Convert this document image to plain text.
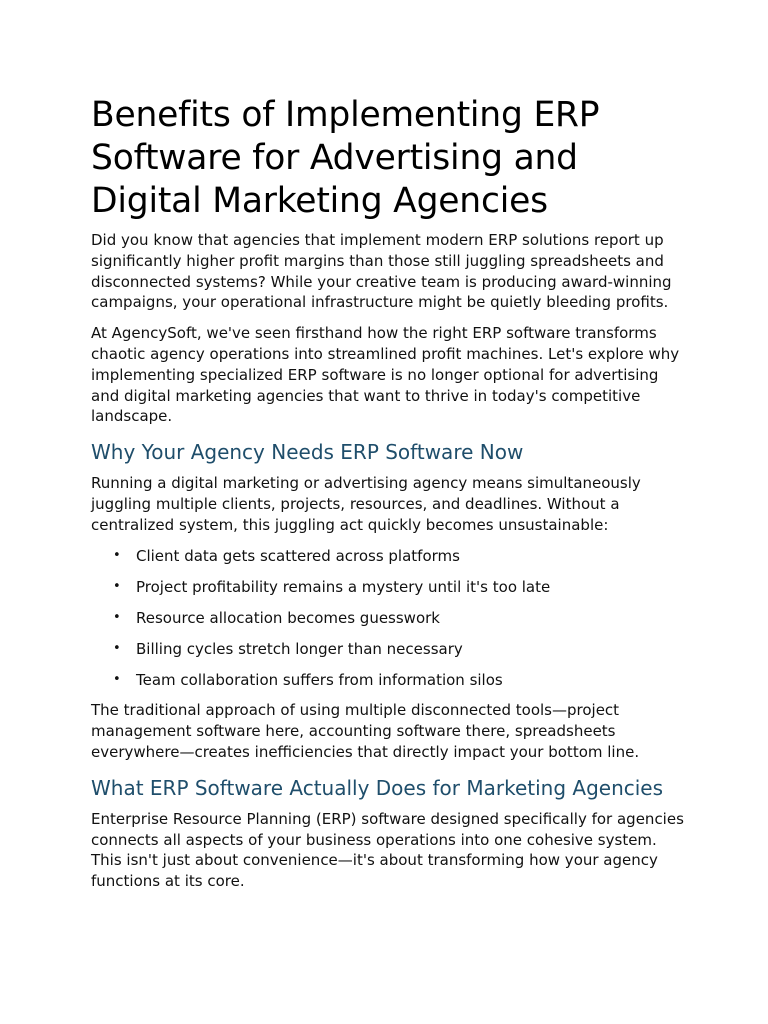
Benefits of Implementing ERP Software for Advertising and Digital Marketing Agencies

Did you know that agencies that implement modern ERP solutions report up significantly higher profit margins than those still juggling spreadsheets and disconnected systems? While your creative team is producing award-winning campaigns, your operational infrastructure might be quietly bleeding profits.

At AgencySoft, we've seen firsthand how the right ERP software transforms chaotic agency operations into streamlined profit machines. Let's explore why implementing specialized ERP software is no longer optional for advertising and digital marketing agencies that want to thrive in today's competitive landscape.

Why Your Agency Needs ERP Software Now

Running a digital marketing or advertising agency means simultaneously juggling multiple clients, projects, resources, and deadlines. Without a centralized system, this juggling act quickly becomes unsustainable:

• Client data gets scattered across platforms
• Project profitability remains a mystery until it's too late
• Resource allocation becomes guesswork
• Billing cycles stretch longer than necessary
• Team collaboration suffers from information silos

The traditional approach of using multiple disconnected tools—project management software here, accounting software there, spreadsheets everywhere—creates inefficiencies that directly impact your bottom line.

What ERP Software Actually Does for Marketing Agencies

Enterprise Resource Planning (ERP) software designed specifically for agencies connects all aspects of your business operations into one cohesive system. This isn't just about convenience—it's about transforming how your agency functions at its core.
